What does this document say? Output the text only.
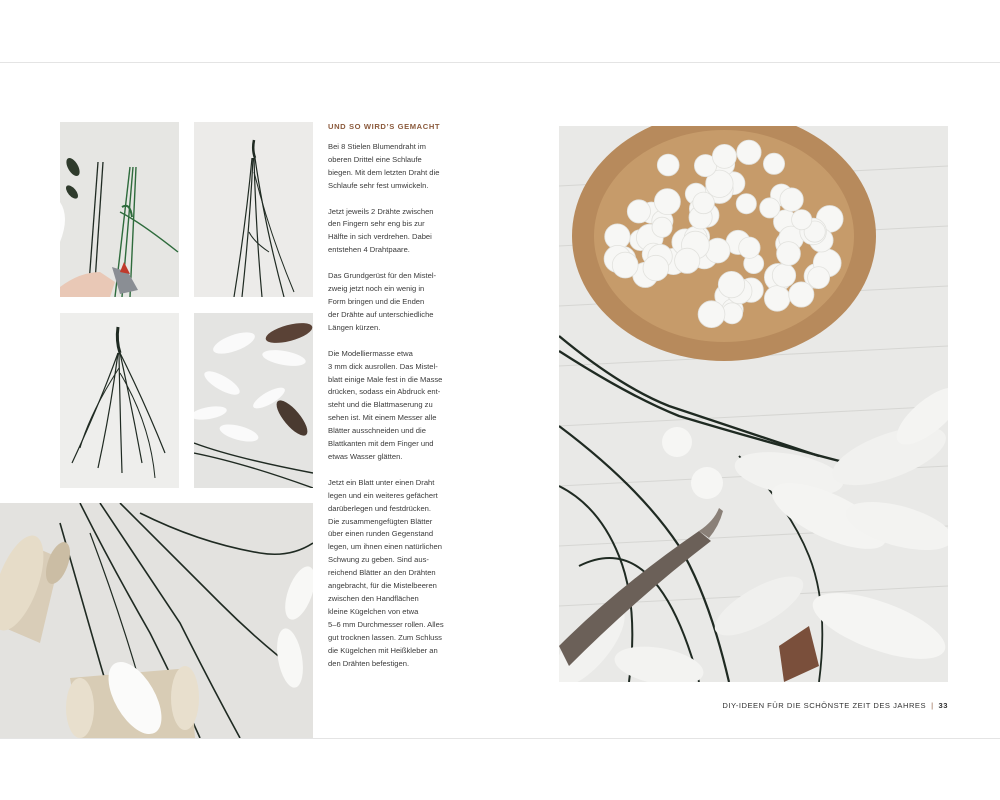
UND SO WIRD’S GEMACHT

Bei 8 Stielen Blumendraht im
oberen Drittel eine Schlaufe
biegen. Mit dem letzten Draht die
Schlaufe sehr fest umwickeln.

Jetzt jeweils 2 Drähte zwischen
den Fingern sehr eng bis zur
Hälfte in sich verdrehen. Dabei
entstehen 4 Drahtpaare.

Das Grundgerüst für den Mistel-
zweig jetzt noch ein wenig in
Form bringen und die Enden
der Drähte auf unterschiedliche
Längen kürzen.

Die Modelliermasse etwa
3 mm dick ausrollen. Das Mistel-
blatt einige Male fest in die Masse
drücken, sodass ein Abdruck ent-
steht und die Blattmaserung zu
sehen ist. Mit einem Messer alle
Blätter ausschneiden und die
Blattkanten mit dem Finger und
etwas Wasser glätten.

Jetzt ein Blatt unter einen Draht
legen und ein weiteres gefächert
darüberlegen und festdrücken.
Die zusammengefügten Blätter
über einen runden Gegenstand
legen, um ihnen einen natürlichen
Schwung zu geben. Sind aus-
reichend Blätter an den Drähten
angebracht, für die Mistelbeeren
zwischen den Handflächen
kleine Kügelchen von etwa
5–6 mm Durchmesser rollen. Alles
gut trocknen lassen. Zum Schluss
die Kügelchen mit Heißkleber an
den Drähten befestigen.

DIY-IDEEN FÜR DIE SCHÖNSTE ZEIT DES JAHRES | 33
